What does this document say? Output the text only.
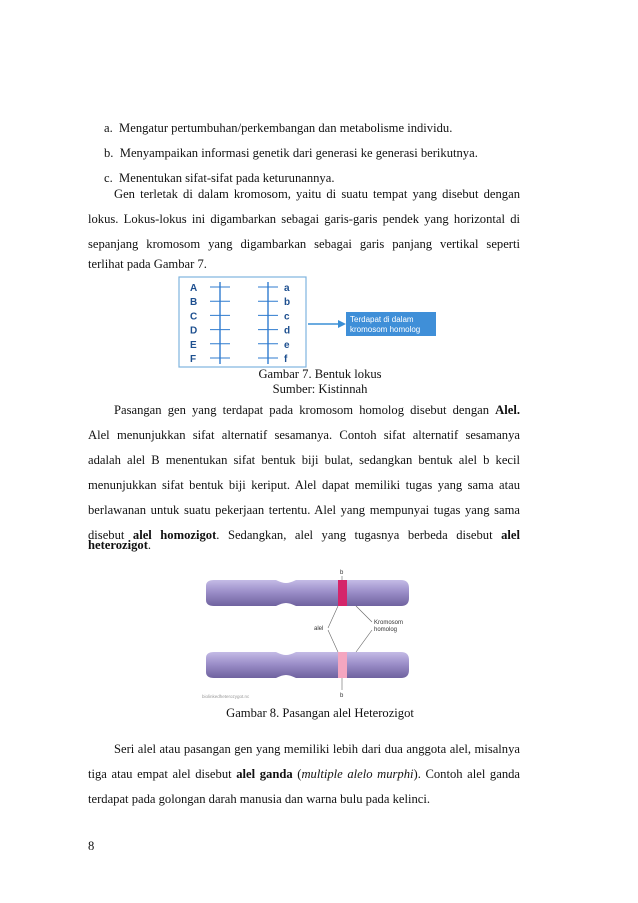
a. Mengatur pertumbuhan/perkembangan dan metabolisme individu.
b. Menyampaikan informasi genetik dari generasi ke generasi berikutnya.
c. Menentukan sifat-sifat pada keturunannya.
Gen terletak di dalam kromosom, yaitu di suatu tempat yang disebut dengan
lokus. Lokus-lokus ini digambarkan sebagai garis-garis pendek yang horizontal di
sepanjang kromosom yang digambarkan sebagai garis panjang vertikal seperti
terlihat pada Gambar 7.
A	a
B	b
C	c
D	d
E	e
F	f
Terdapat di dalam
kromosom homolog
Gambar 7. Bentuk lokus
Sumber: Kistinnah
Pasangan gen yang terdapat pada kromosom homolog disebut dengan Alel.
Alel menunjukkan sifat alternatif sesamanya. Contoh sifat alternatif sesamanya
adalah alel B menentukan sifat bentuk biji bulat, sedangkan bentuk alel b kecil
menunjukkan sifat bentuk biji keriput. Alel dapat memiliki tugas yang sama atau
berlawanan untuk suatu pekerjaan tertentu. Alel yang mempunyai tugas yang sama
disebut alel homozigot. Sedangkan, alel yang tugasnya berbeda disebut alel
heterozigot.
b
alel
Kromosom
homolog
b
biolinkedheterozygot.nc
Gambar 8. Pasangan alel Heterozigot
Seri alel atau pasangan gen yang memiliki lebih dari dua anggota alel, misalnya
tiga atau empat alel disebut alel ganda (multiple alelo murphi). Contoh alel ganda
terdapat pada golongan darah manusia dan warna bulu pada kelinci.
8
